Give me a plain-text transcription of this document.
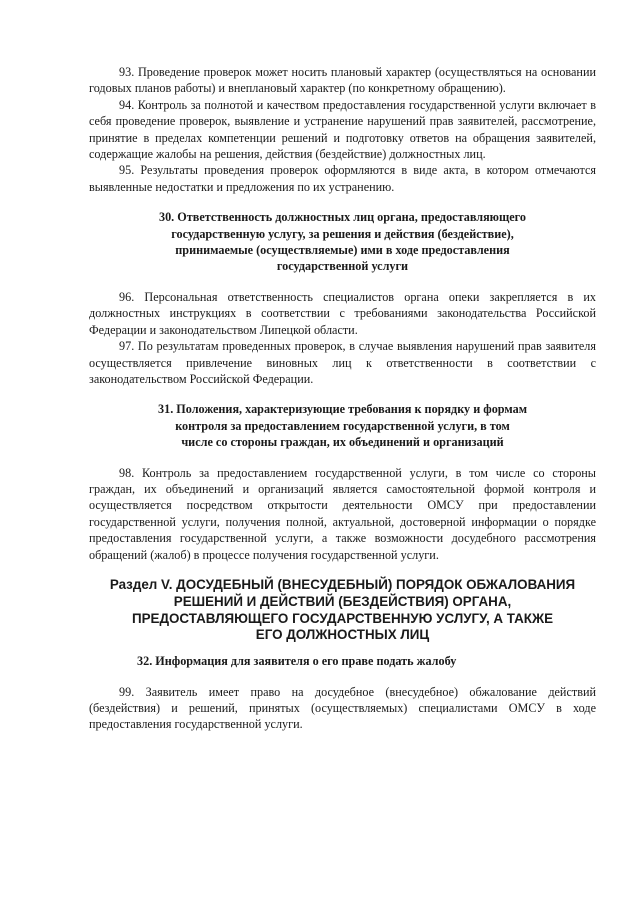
93. Проведение проверок может носить плановый характер (осуществляться на основании годовых планов работы) и внеплановый характер (по конкретному обращению).

94. Контроль за полнотой и качеством предоставления государственной услуги включает в себя проведение проверок, выявление и устранение нарушений прав заявителей, рассмотрение, принятие в пределах компетенции решений и подготовку ответов на обращения заявителей, содержащие жалобы на решения, действия (бездействие) должностных лиц.

95. Результаты проведения проверок оформляются в виде акта, в котором отмечаются выявленные недостатки и предложения по их устранению.

30. Ответственность должностных лиц органа, предоставляющего
государственную услугу, за решения и действия (бездействие),
принимаемые (осуществляемые) ими в ходе предоставления
государственной услуги

96. Персональная ответственность специалистов органа опеки закрепляется в их должностных инструкциях в соответствии с требованиями законодательства Российской Федерации и законодательством Липецкой области.

97. По результатам проведенных проверок, в случае выявления нарушений прав заявителя осуществляется привлечение виновных лиц к ответственности в соответствии с законодательством Российской Федерации.

31. Положения, характеризующие требования к порядку и формам
контроля за предоставлением государственной услуги, в том
числе со стороны граждан, их объединений и организаций

98. Контроль за предоставлением государственной услуги, в том числе со стороны граждан, их объединений и организаций является самостоятельной формой контроля и осуществляется посредством открытости деятельности ОМСУ при предоставлении государственной услуги, получения полной, актуальной, достоверной информации о порядке предоставления государственной услуги, а также возможности досудебного рассмотрения обращений (жалоб) в процессе получения государственной услуги.

Раздел V. ДОСУДЕБНЫЙ (ВНЕСУДЕБНЫЙ) ПОРЯДОК ОБЖАЛОВАНИЯ
РЕШЕНИЙ И ДЕЙСТВИЙ (БЕЗДЕЙСТВИЯ) ОРГАНА,
ПРЕДОСТАВЛЯЮЩЕГО ГОСУДАРСТВЕННУЮ УСЛУГУ, А ТАКЖЕ
ЕГО ДОЛЖНОСТНЫХ ЛИЦ
32. Информация для заявителя о его праве подать жалобу

99. Заявитель имеет право на досудебное (внесудебное) обжалование действий (бездействия) и решений, принятых (осуществляемых) специалистами ОМСУ в ходе предоставления государственной услуги.
